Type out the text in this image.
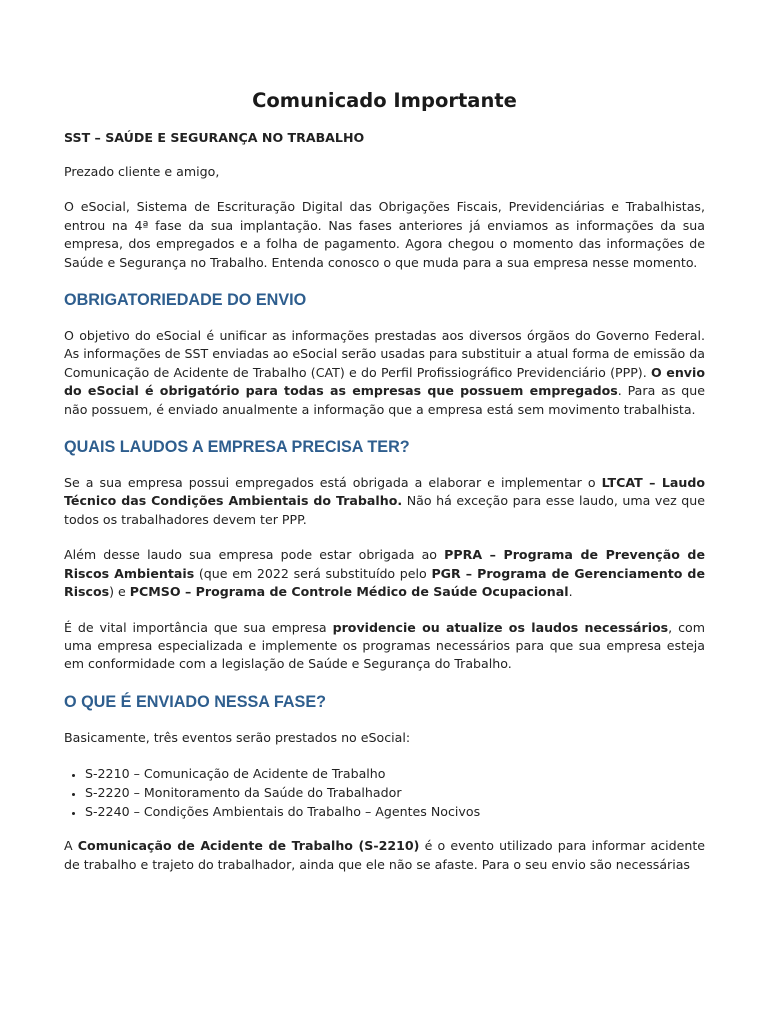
Comunicado Importante
SST – SAÚDE E SEGURANÇA NO TRABALHO

Prezado cliente e amigo,

O eSocial, Sistema de Escrituração Digital das Obrigações Fiscais, Previdenciárias e Trabalhistas, entrou na 4ª fase da sua implantação. Nas fases anteriores já enviamos as informações da sua empresa, dos empregados e a folha de pagamento. Agora chegou o momento das informações de Saúde e Segurança no Trabalho. Entenda conosco o que muda para a sua empresa nesse momento.

OBRIGATORIEDADE DO ENVIO

O objetivo do eSocial é unificar as informações prestadas aos diversos órgãos do Governo Federal. As informações de SST enviadas ao eSocial serão usadas para substituir a atual forma de emissão da Comunicação de Acidente de Trabalho (CAT) e do Perfil Profissiográfico Previdenciário (PPP). O envio do eSocial é obrigatório para todas as empresas que possuem empregados. Para as que não possuem, é enviado anualmente a informação que a empresa está sem movimento trabalhista.

QUAIS LAUDOS A EMPRESA PRECISA TER?

Se a sua empresa possui empregados está obrigada a elaborar e implementar o LTCAT – Laudo Técnico das Condições Ambientais do Trabalho. Não há exceção para esse laudo, uma vez que todos os trabalhadores devem ter PPP.

Além desse laudo sua empresa pode estar obrigada ao PPRA – Programa de Prevenção de Riscos Ambientais (que em 2022 será substituído pelo PGR – Programa de Gerenciamento de Riscos) e PCMSO – Programa de Controle Médico de Saúde Ocupacional.

É de vital importância que sua empresa providencie ou atualize os laudos necessários, com uma empresa especializada e implemente os programas necessários para que sua empresa esteja em conformidade com a legislação de Saúde e Segurança do Trabalho.

O QUE É ENVIADO NESSA FASE?

Basicamente, três eventos serão prestados no eSocial:

• S-2210 – Comunicação de Acidente de Trabalho
• S-2220 – Monitoramento da Saúde do Trabalhador
• S-2240 – Condições Ambientais do Trabalho – Agentes Nocivos

A Comunicação de Acidente de Trabalho (S-2210) é o evento utilizado para informar acidente de trabalho e trajeto do trabalhador, ainda que ele não se afaste. Para o seu envio são necessárias
